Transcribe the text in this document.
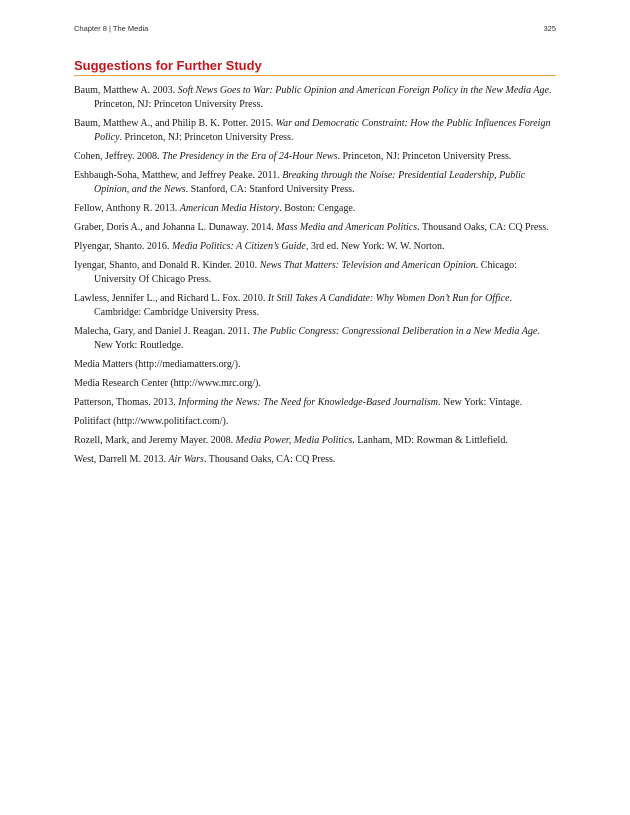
Chapter 8 | The Media	325
Suggestions for Further Study
Baum, Matthew A. 2003. Soft News Goes to War: Public Opinion and American Foreign Policy in the New Media Age. Princeton, NJ: Princeton University Press.
Baum, Matthew A., and Philip B. K. Potter. 2015. War and Democratic Constraint: How the Public Influences Foreign Policy. Princeton, NJ: Princeton University Press.
Cohen, Jeffrey. 2008. The Presidency in the Era of 24-Hour News. Princeton, NJ: Princeton University Press.
Eshbaugh-Soha, Matthew, and Jeffrey Peake. 2011. Breaking through the Noise: Presidential Leadership, Public Opinion, and the News. Stanford, CA: Stanford University Press.
Fellow, Anthony R. 2013. American Media History. Boston: Cengage.
Graber, Doris A., and Johanna L. Dunaway. 2014. Mass Media and American Politics. Thousand Oaks, CA: CQ Press.
Plyengar, Shanto. 2016. Media Politics: A Citizen’s Guide, 3rd ed. New York: W. W. Norton.
Iyengar, Shanto, and Donald R. Kinder. 2010. News That Matters: Television and American Opinion. Chicago: University Of Chicago Press.
Lawless, Jennifer L., and Richard L. Fox. 2010. It Still Takes A Candidate: Why Women Don’t Run for Office. Cambridge: Cambridge University Press.
Malecha, Gary, and Daniel J. Reagan. 2011. The Public Congress: Congressional Deliberation in a New Media Age. New York: Routledge.
Media Matters (http://mediamatters.org/).
Media Research Center (http://www.mrc.org/).
Patterson, Thomas. 2013. Informing the News: The Need for Knowledge-Based Journalism. New York: Vintage.
Politifact (http://www.politifact.com/).
Rozell, Mark, and Jeremy Mayer. 2008. Media Power, Media Politics. Lanham, MD: Rowman & Littlefield.
West, Darrell M. 2013. Air Wars. Thousand Oaks, CA: CQ Press.
